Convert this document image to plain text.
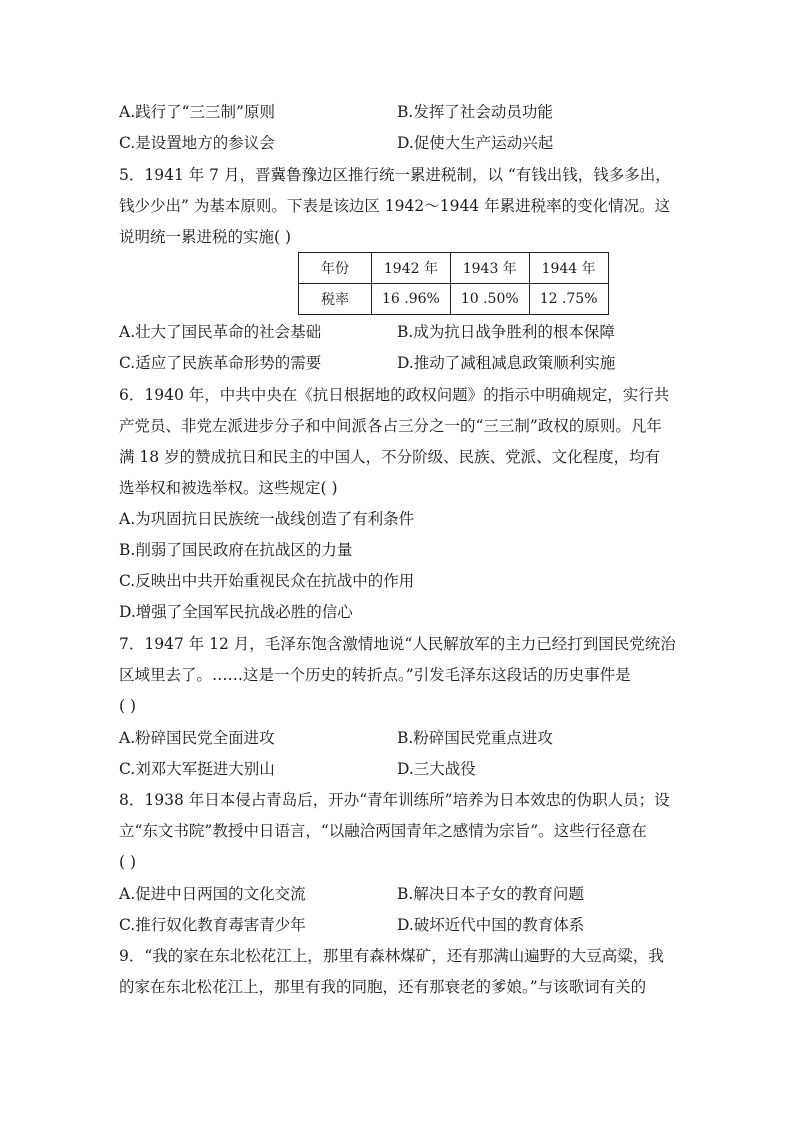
A.践行了“三三制”原则	B.发挥了社会动员功能
C.是设置地方的参议会	D.促使大生产运动兴起
5．1941 年 7 月，晋冀鲁豫边区推行统一累进税制，以 “有钱出钱，钱多多出，
钱少少出” 为基本原则。下表是该边区 1942～1944 年累进税率的变化情况。这
说明统一累进税的实施( )
年份	1942 年	1943 年	1944 年
税率	16 .96%	10 .50%	12 .75%
A.壮大了国民革命的社会基础	B.成为抗日战争胜利的根本保障
C.适应了民族革命形势的需要	D.推动了减租减息政策顺利实施
6．1940 年，中共中央在《抗日根据地的政权问题》的指示中明确规定，实行共
产党员、非党左派进步分子和中间派各占三分之一的“三三制”政权的原则。凡年
满 18 岁的赞成抗日和民主的中国人，不分阶级、民族、党派、文化程度，均有
选举权和被选举权。这些规定( )
A.为巩固抗日民族统一战线创造了有利条件
B.削弱了国民政府在抗战区的力量
C.反映出中共开始重视民众在抗战中的作用
D.增强了全国军民抗战必胜的信心
7．1947 年 12 月，毛泽东饱含激情地说“人民解放军的主力已经打到国民党统治
区域里去了。……这是一个历史的转折点。”引发毛泽东这段话的历史事件是
( )
A.粉碎国民党全面进攻	B.粉碎国民党重点进攻
C.刘邓大军挺进大别山	D.三大战役
8．1938 年日本侵占青岛后，开办“青年训练所”培养为日本效忠的伪职人员；设
立“东文书院”教授中日语言，“以融洽两国青年之感情为宗旨”。这些行径意在
( )
A.促进中日两国的文化交流	B.解决日本子女的教育问题
C.推行奴化教育毒害青少年	D.破坏近代中国的教育体系
9．“我的家在东北松花江上，那里有森林煤矿，还有那满山遍野的大豆高粱，我
的家在东北松花江上，那里有我的同胞，还有那衰老的爹娘。”与该歌词有关的
